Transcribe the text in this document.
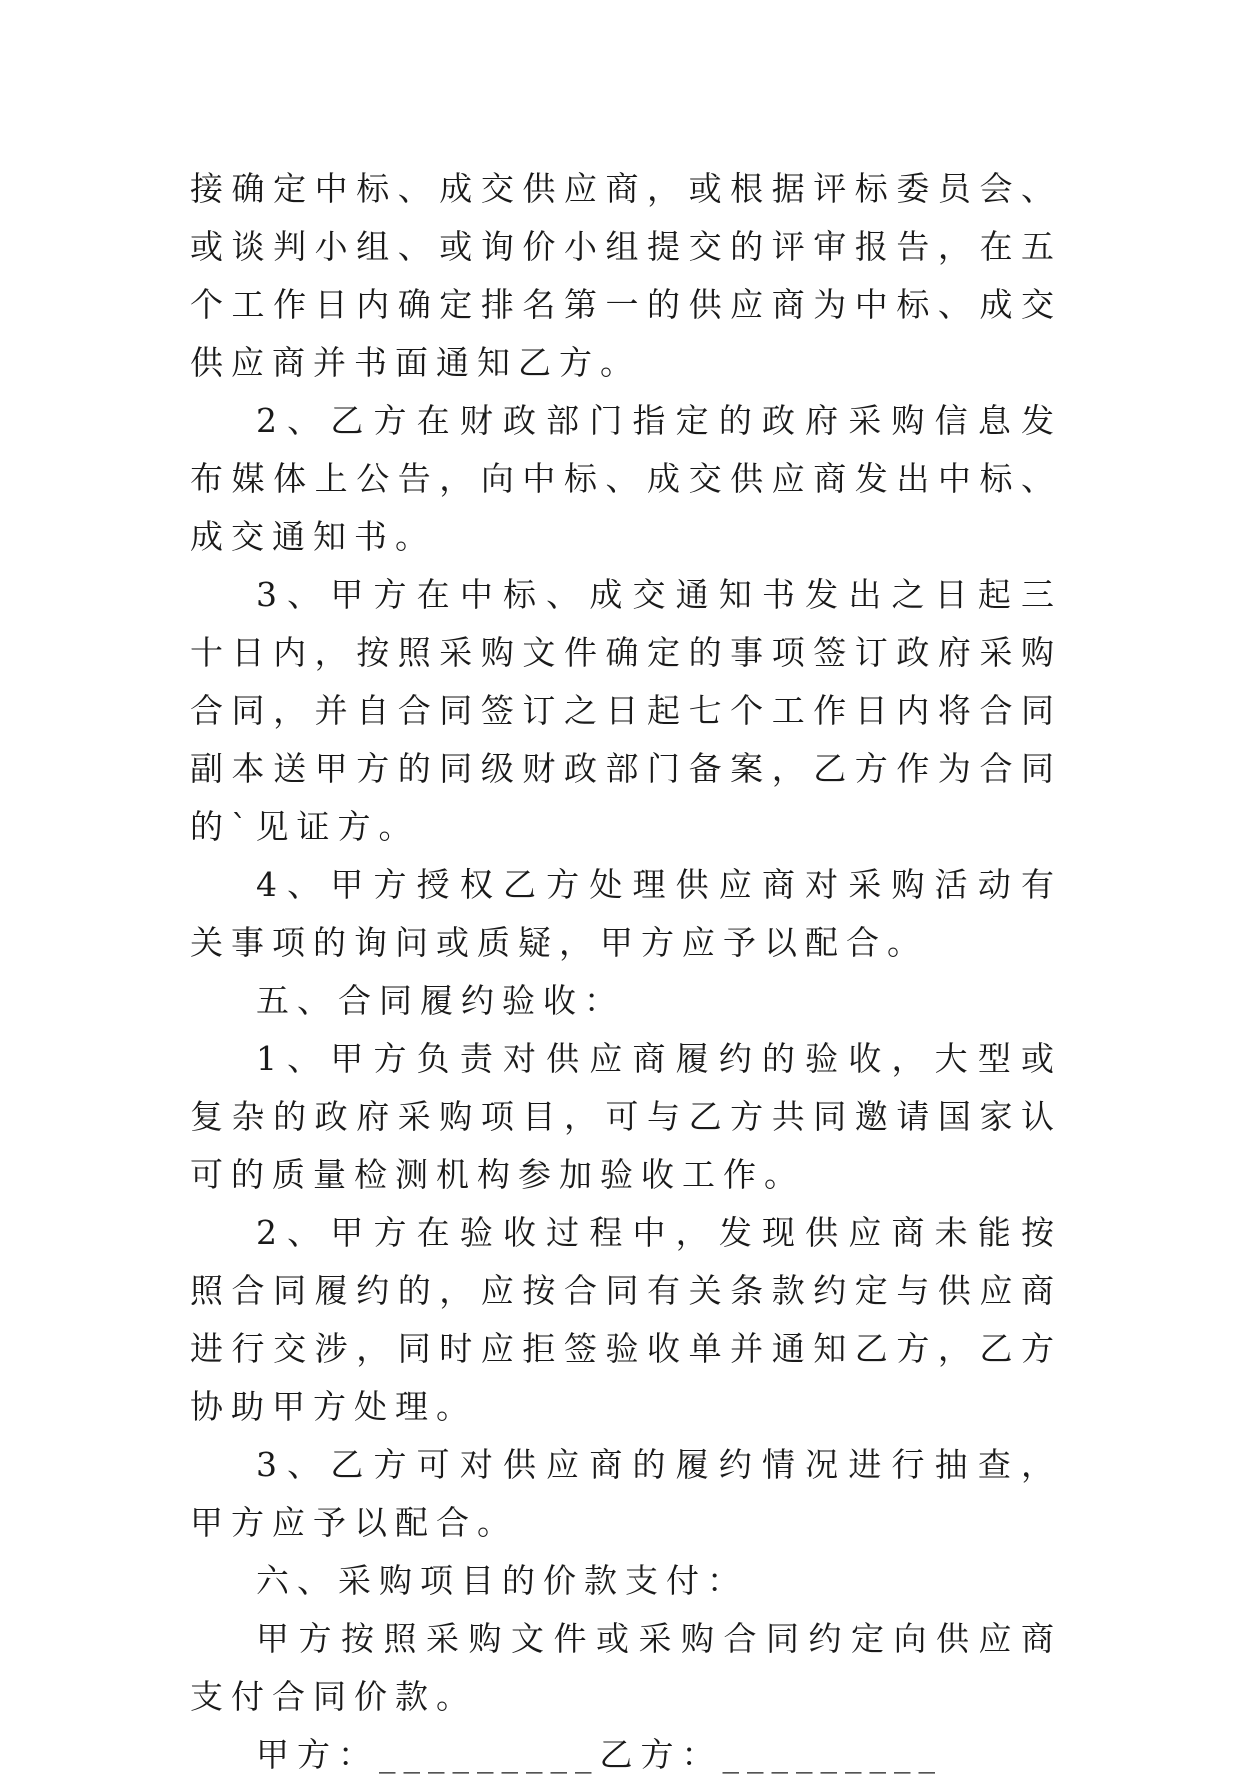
接确定中标、成交供应商，或根据评标委员会、或谈判小组、或询价小组提交的评审报告，在五个工作日内确定排名第一的供应商为中标、成交供应商并书面通知乙方。

2、乙方在财政部门指定的政府采购信息发布媒体上公告，向中标、成交供应商发出中标、成交通知书。

3、甲方在中标、成交通知书发出之日起三十日内，按照采购文件确定的事项签订政府采购合同，并自合同签订之日起七个工作日内将合同副本送甲方的同级财政部门备案，乙方作为合同的`见证方。

4、甲方授权乙方处理供应商对采购活动有关事项的询问或质疑，甲方应予以配合。

五、合同履约验收：

1、甲方负责对供应商履约的验收，大型或复杂的政府采购项目，可与乙方共同邀请国家认可的质量检测机构参加验收工作。

2、甲方在验收过程中，发现供应商未能按照合同履约的，应按合同有关条款约定与供应商进行交涉，同时应拒签验收单并通知乙方，乙方协助甲方处理。

3、乙方可对供应商的履约情况进行抽查，甲方应予以配合。

六、采购项目的价款支付：

甲方按照采购文件或采购合同约定向供应商支付合同价款。

甲方：_________乙方：_________
